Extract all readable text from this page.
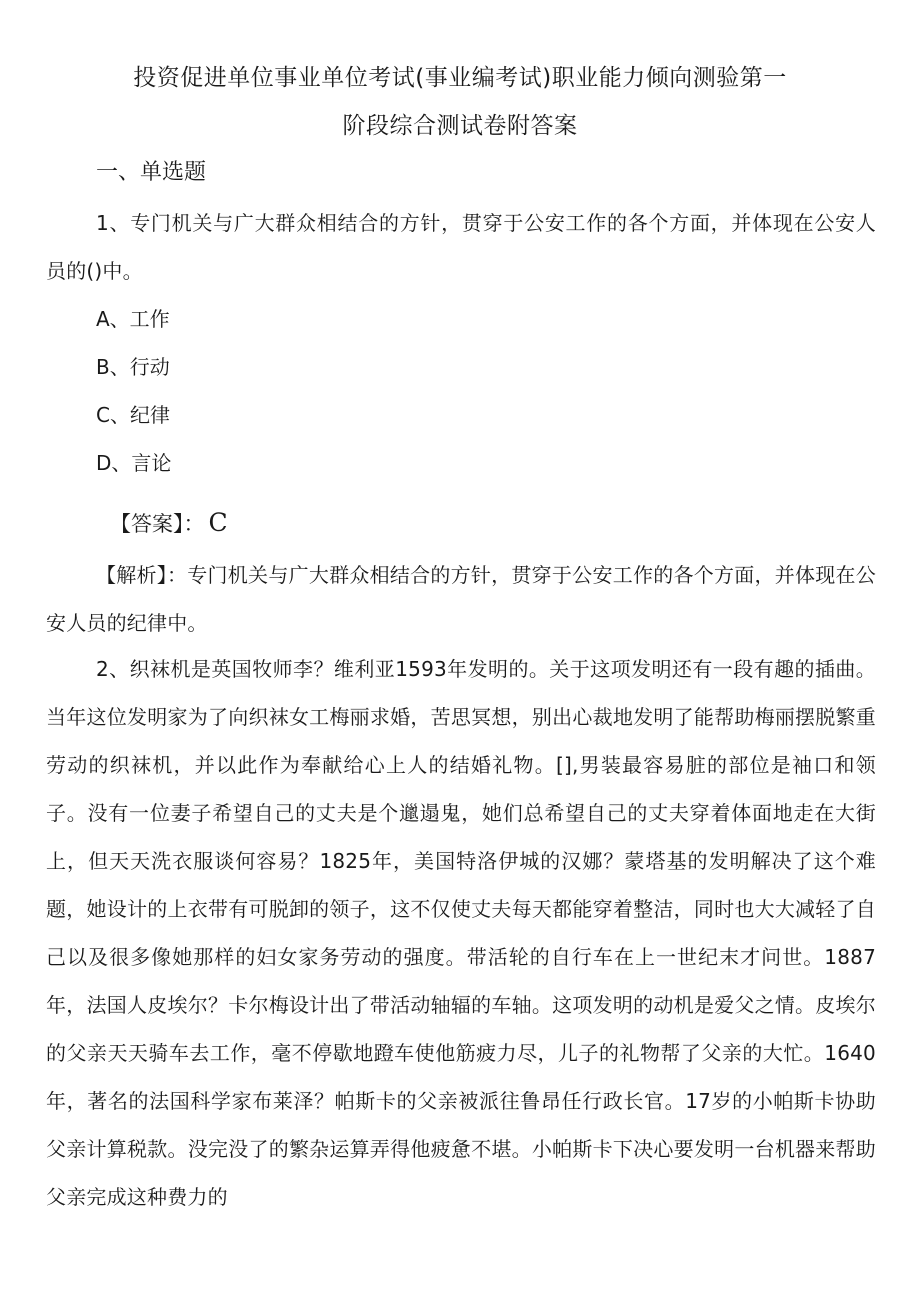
投资促进单位事业单位考试(事业编考试)职业能力倾向测验第一
阶段综合测试卷附答案
一、单选题

1、专门机关与广大群众相结合的方针，贯穿于公安工作的各个方面，并体现在公安人员的()中。

A、工作
B、行动
C、纪律
D、言论
【答案】： C

【解析】：专门机关与广大群众相结合的方针，贯穿于公安工作的各个方面，并体现在公安人员的纪律中。

2、织袜机是英国牧师李？维利亚1593年发明的。关于这项发明还有一段有趣的插曲。当年这位发明家为了向织袜女工梅丽求婚，苦思冥想，别出心裁地发明了能帮助梅丽摆脱繁重劳动的织袜机，并以此作为奉献给心上人的结婚礼物。[],男装最容易脏的部位是袖口和领子。没有一位妻子希望自己的丈夫是个邋遢鬼，她们总希望自己的丈夫穿着体面地走在大街上，但天天洗衣服谈何容易？1825年，美国特洛伊城的汉娜？蒙塔基的发明解决了这个难题，她设计的上衣带有可脱卸的领子，这不仅使丈夫每天都能穿着整洁，同时也大大减轻了自己以及很多像她那样的妇女家务劳动的强度。带活轮的自行车在上一世纪末才问世。1887年，法国人皮埃尔？卡尔梅设计出了带活动轴辐的车轴。这项发明的动机是爱父之情。皮埃尔的父亲天天骑车去工作，毫不停歇地蹬车使他筋疲力尽，儿子的礼物帮了父亲的大忙。1640年，著名的法国科学家布莱泽？帕斯卡的父亲被派往鲁昂任行政长官。17岁的小帕斯卡协助父亲计算税款。没完没了的繁杂运算弄得他疲惫不堪。小帕斯卡下决心要发明一台机器来帮助父亲完成这种费力的
